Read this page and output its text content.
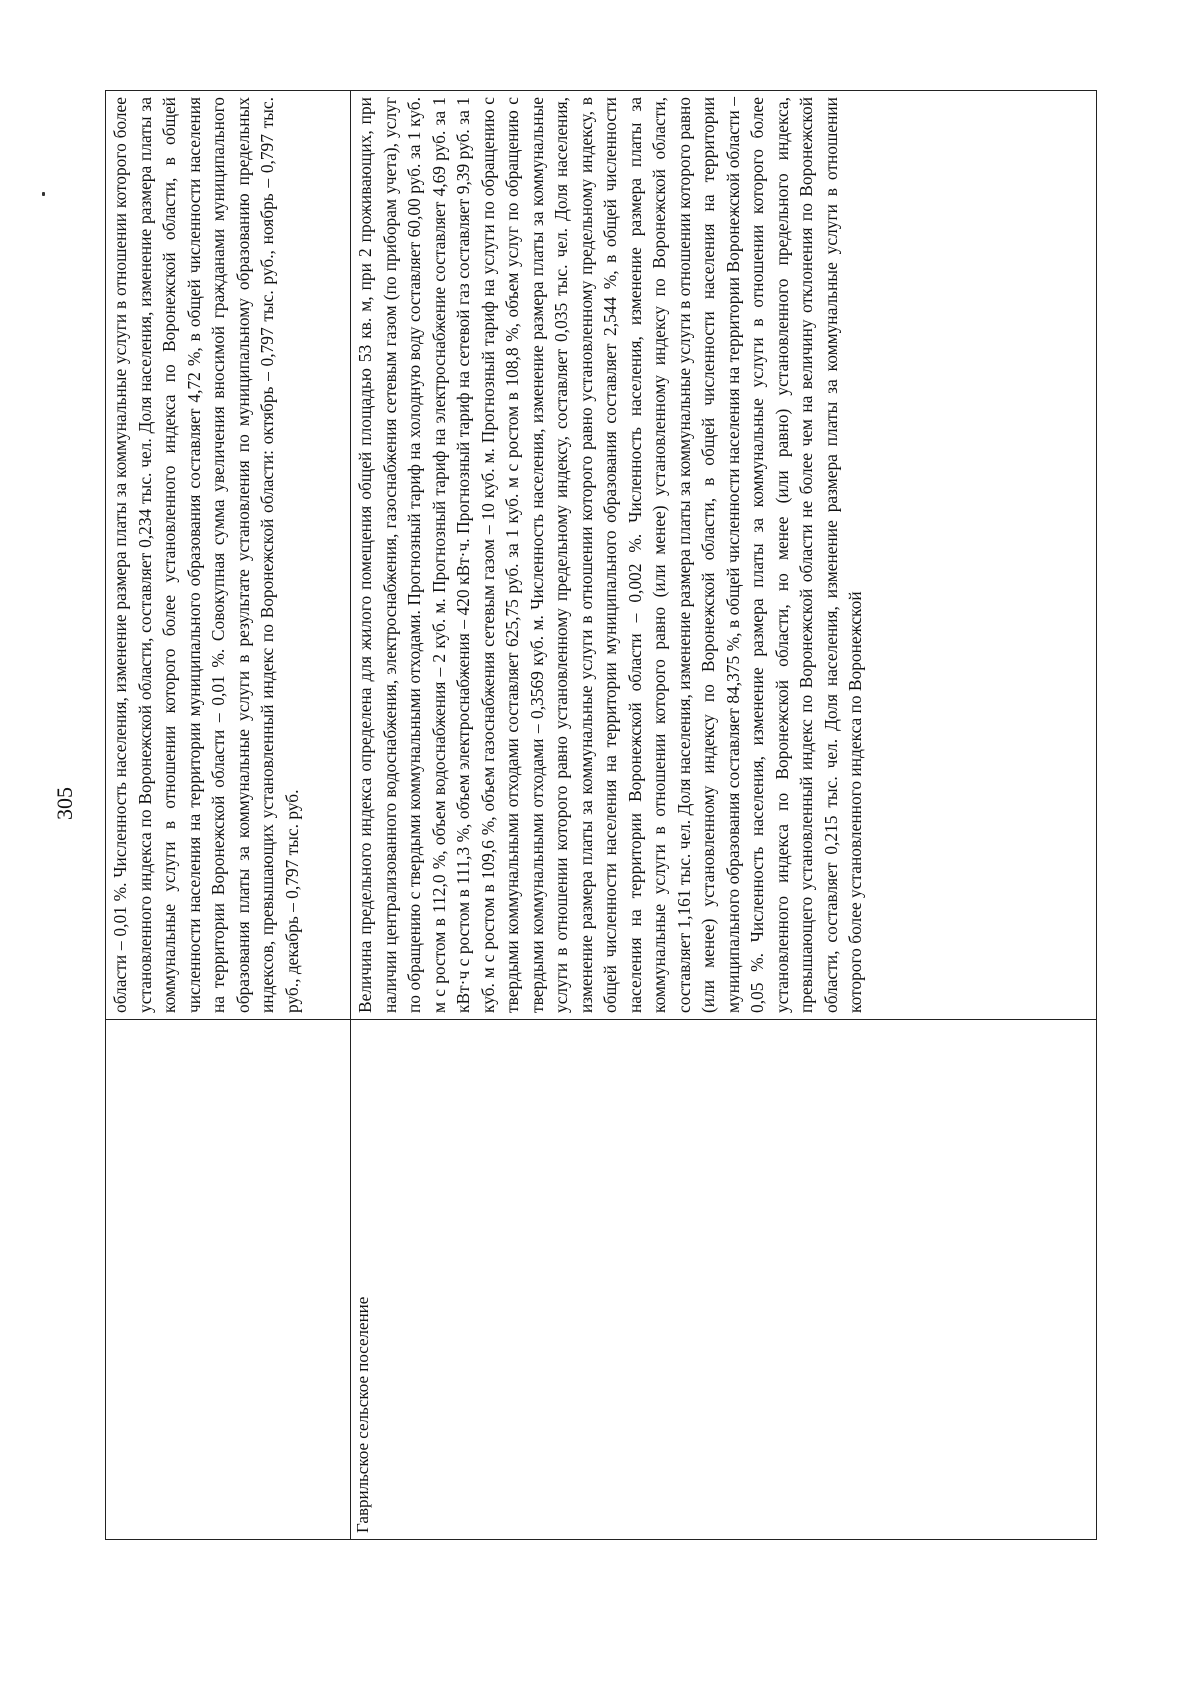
305 области – 0,01 %. Численность населения, изменение размера платы за коммунальные услуги в отношении которого более установленного индекса по Воронежской области, составляет 0,234 тыс. чел. Доля населения, изменение размера платы за коммунальные услуги в отношении которого более установленного индекса по Воронежской области, в общей численности населения на территории муниципального образования составляет 4,72 %, в общей численности населения на территории Воронежской области – 0,01 %. Совокупная сумма увеличения вносимой гражданами муниципального образования платы за коммунальные услуги в результате установления по муниципальному образованию предельных индексов, превышающих установленный индекс по Воронежской области: октябрь – 0,797 тыс. руб., ноябрь – 0,797 тыс. руб., декабрь – 0,797 тыс. руб.
Гаврильское сельское поселение
Величина предельного индекса определена для жилого помещения общей площадью 53 кв. м, при 2 проживающих, при наличии централизованного водоснабжения, электроснабжения, газоснабжения сетевым газом (по приборам учета), услуг по обращению с твердыми коммунальными отходами. Прогнозный тариф на холодную воду составляет 60,00 руб. за 1 куб. м с ростом в 112,0 %, объем водоснабжения – 2 куб. м. Прогнозный тариф на электроснабжение составляет 4,69 руб. за 1 кВт·ч с ростом в 111,3 %, объем электроснабжения – 420 кВт·ч. Прогнозный тариф на сетевой газ составляет 9,39 руб. за 1 куб. м с ростом в 109,6 %, объем газоснабжения сетевым газом – 10 куб. м. Прогнозный тариф на услуги по обращению с твердыми коммунальными отходами составляет 625,75 руб. за 1 куб. м с ростом в 108,8 %, объем услуг по обращению с твердыми коммунальными отходами – 0,3569 куб. м. Численность населения, изменение размера платы за коммунальные услуги в отношении которого равно установленному предельному индексу, составляет 0,035 тыс. чел. Доля населения, изменение размера платы за коммунальные услуги в отношении которого равно установленному предельному индексу, в общей численности населения на территории муниципального образования составляет 2,544 %, в общей численности населения на территории Воронежской области – 0,002 %. Численность населения, изменение размера платы за коммунальные услуги в отношении которого равно (или менее) установленному индексу по Воронежской области, составляет 1,161 тыс. чел. Доля населения, изменение размера платы за коммунальные услуги в отношении которого равно (или менее) установленному индексу по Воронежской области, в общей численности населения на территории муниципального образования составляет 84,375 %, в общей численности населения на территории Воронежской области – 0,05 %. Численность населения, изменение размера платы за коммунальные услуги в отношении которого более установленного индекса по Воронежской области, но менее (или равно) установленного предельного индекса, превышающего установленный индекс по Воронежской области не более чем на величину отклонения по Воронежской области, составляет 0,215 тыс. чел. Доля населения, изменение размера платы за коммунальные услуги в отношении которого более установленного индекса по Воронежской
